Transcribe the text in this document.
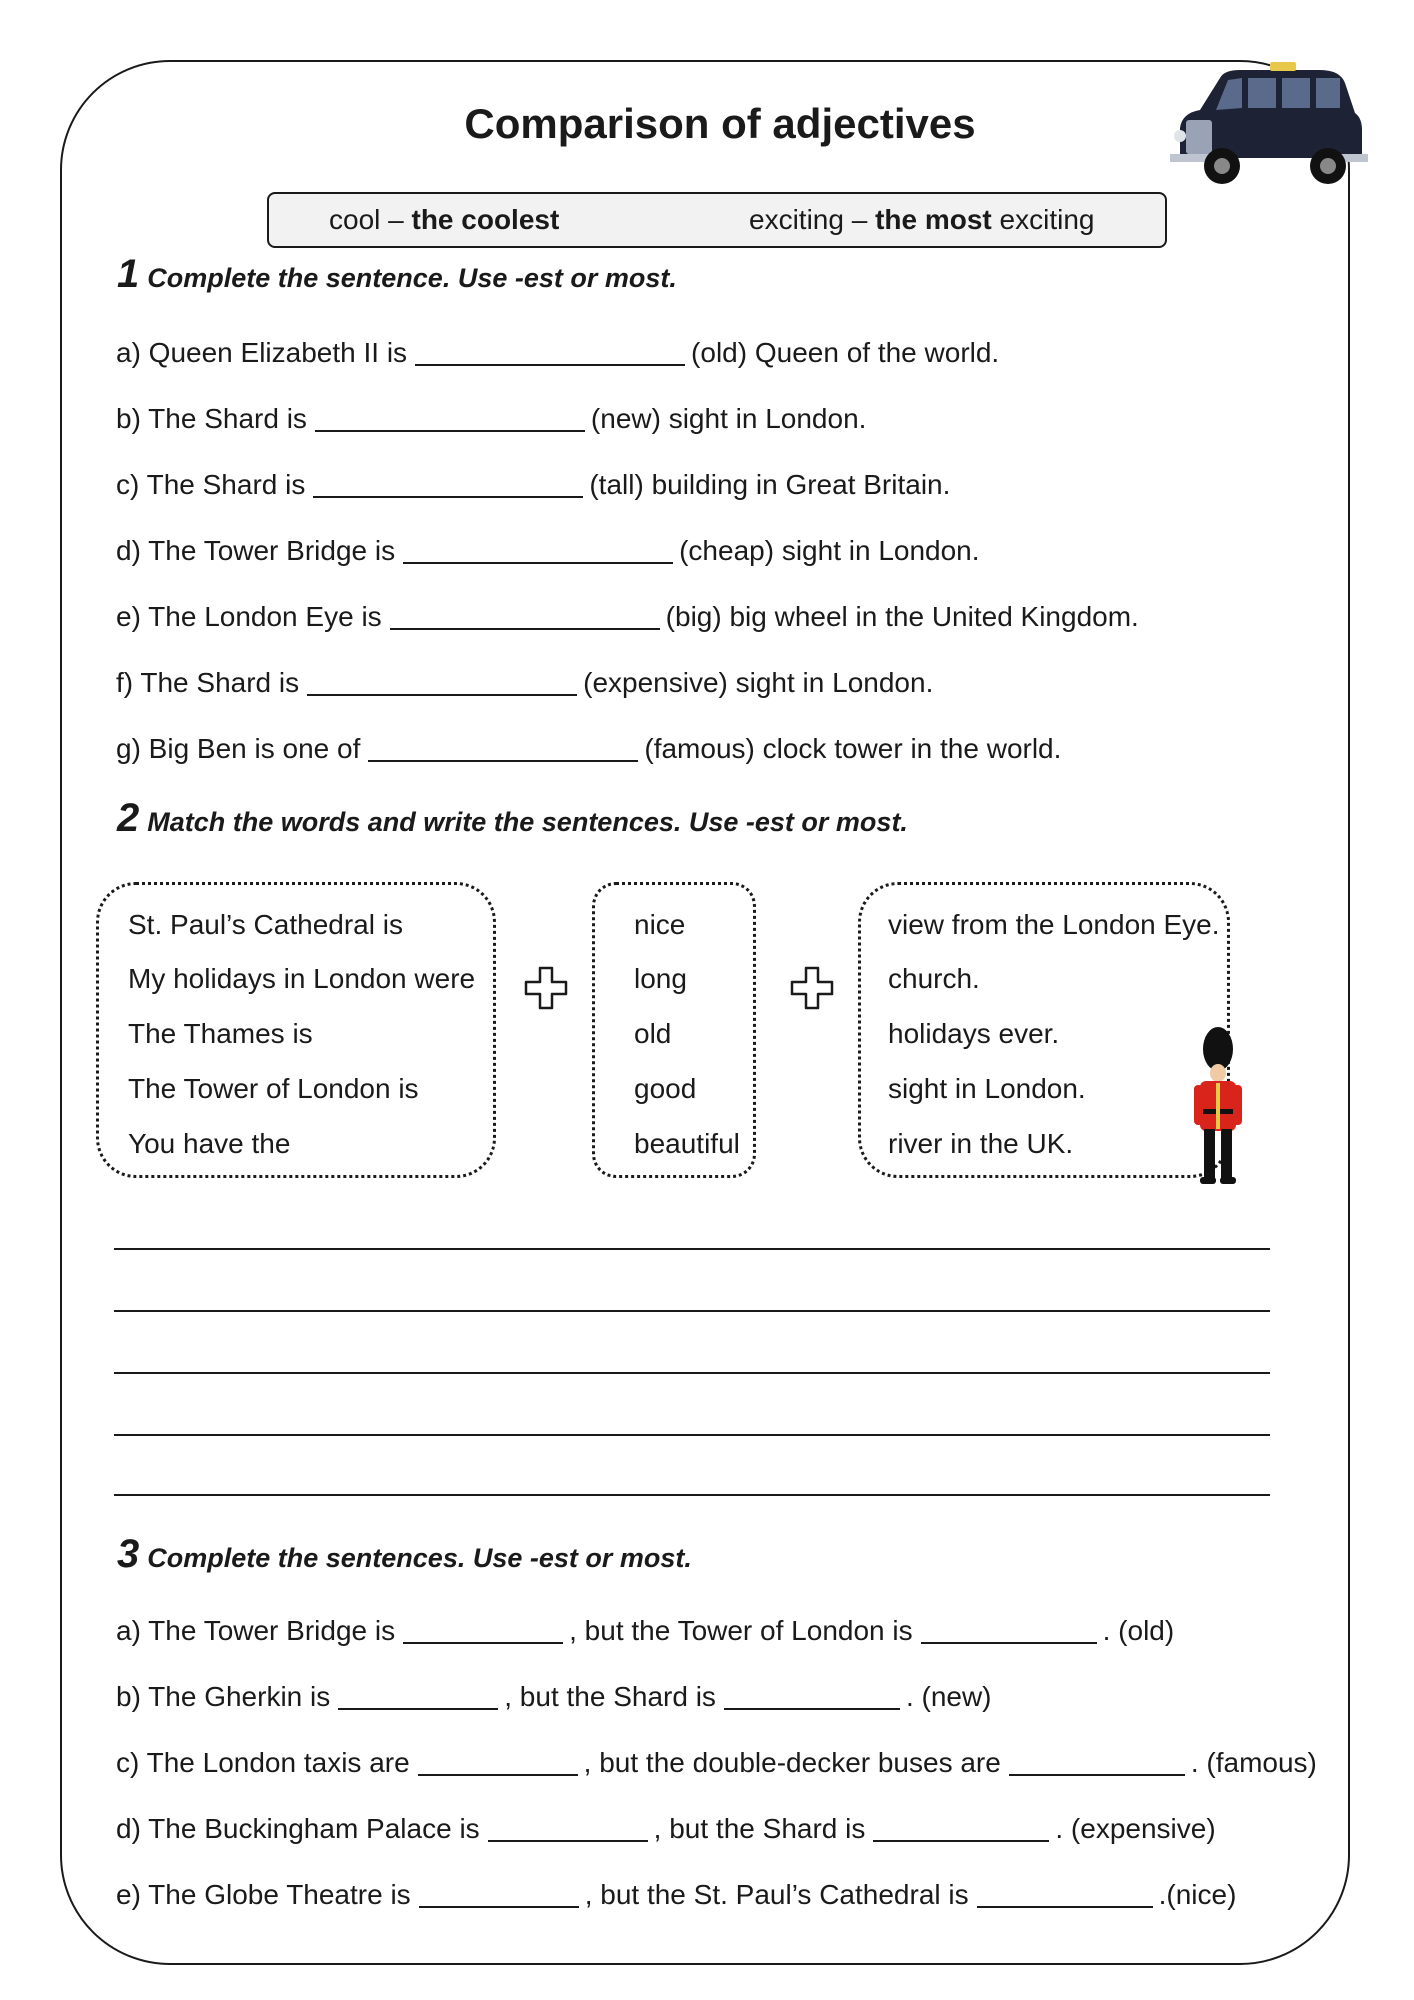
Comparison of adjectives
cool – the coolest	exciting – the most exciting
1 Complete the sentence. Use -est or most.
a) Queen Elizabeth II is	(old) Queen of the world.
b) The Shard is	(new) sight in London.
c) The Shard is	(tall) building in Great Britain.
d) The Tower Bridge is	(cheap) sight in London.
e) The London Eye is	(big) big wheel in the United Kingdom.
f) The Shard is	(expensive) sight in London.
g) Big Ben is one of	(famous) clock tower in the world.
2 Match the words and write the sentences. Use -est or most.
St. Paul’s Cathedral is
My holidays in London were
The Thames is
The Tower of London is
You have the
nice
long
old
good
beautiful
view from the London Eye.
church.
holidays ever.
sight in London.
river in the UK.
3 Complete the sentences. Use -est or most.
a) The Tower Bridge is	, but the Tower of London is	. (old)
b) The Gherkin is	, but the Shard is	. (new)
c) The London taxis are	, but the double-decker buses are	. (famous)
d) The Buckingham Palace is	, but the Shard is	. (expensive)
e) The Globe Theatre is	, but the St. Paul’s Cathedral is	.(nice)
